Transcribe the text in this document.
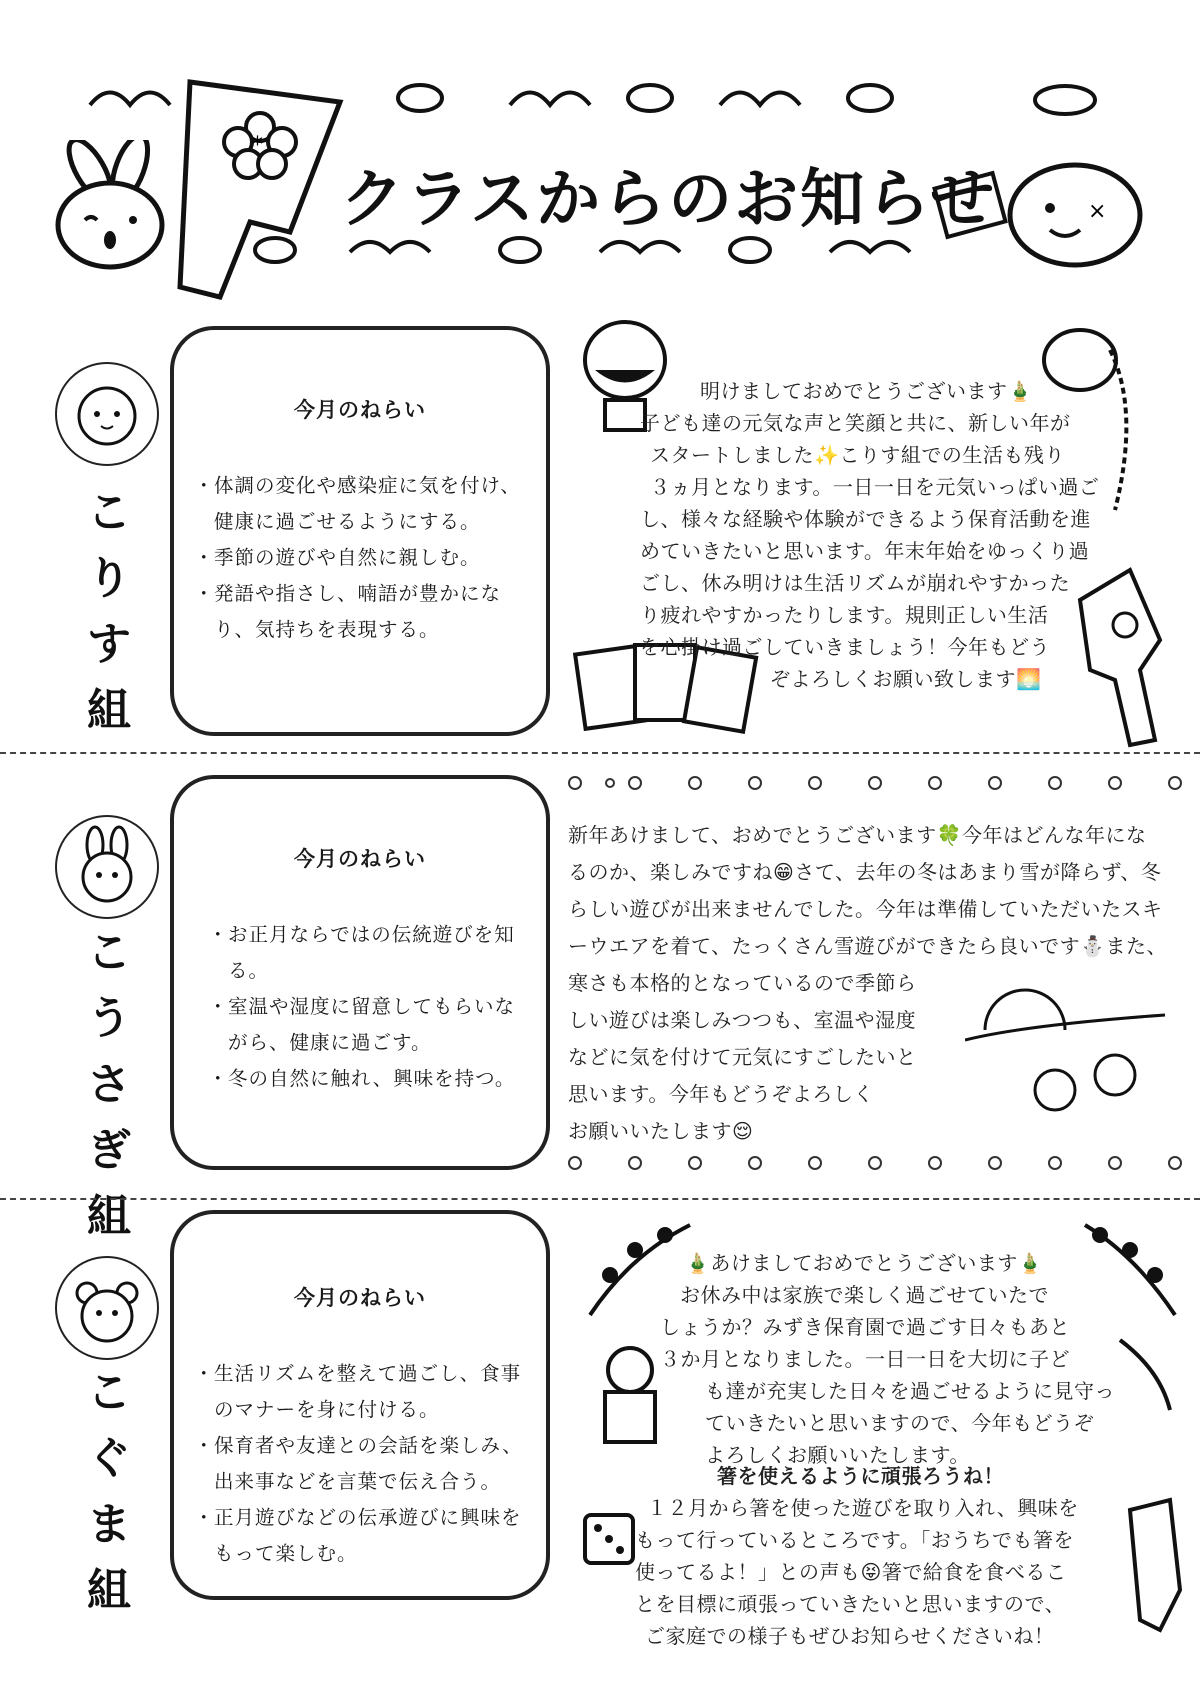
*
×
クラスからのお知らせ
こりす組
今月のねらい
・ 体調の変化や感染症に気を付け、健康に過ごせるようにする。
・ 季節の遊びや自然に親しむ。
・ 発語や指さし、喃語が豊かになり、気持ちを表現する。

明けましておめでとうございます🎍

子ども達の元気な声と笑顔と共に、新しい年が

スタートしました✨こりす組での生活も残り

３ヵ月となります。一日一日を元気いっぱい過ご

し、様々な経験や体験ができるよう保育活動を進

めていきたいと思います。年末年始をゆっくり過

ごし、休み明けは生活リズムが崩れやすかった

り疲れやすかったりします。規則正しい生活

を心掛け過ごしていきましょう！今年もどう

ぞよろしくお願い致します🌅

こうさぎ組
今月のねらい
・ お正月ならではの伝統遊びを知る。
・ 室温や湿度に留意してもらいながら、健康に過ごす。
・ 冬の自然に触れ、興味を持つ。

新年あけまして、おめでとうございます🍀今年はどんな年にな

るのか、楽しみですね😁さて、去年の冬はあまり雪が降らず、冬

らしい遊びが出来ませんでした。今年は準備していただいたスキ

ーウエアを着て、たっくさん雪遊びができたら良いです⛄また、

寒さも本格的となっているので季節ら

しい遊びは楽しみつつも、室温や湿度

などに気を付けて元気にすごしたいと

思います。今年もどうぞよろしく

お願いいたします😌

こぐま組
今月のねらい
・ 生活リズムを整えて過ごし、食事のマナーを身に付ける。
・ 保育者や友達との会話を楽しみ、出来事などを言葉で伝え合う。
・ 正月遊びなどの伝承遊びに興味をもって楽しむ。

🎍あけましておめでとうございます🎍

お休み中は家族で楽しく過ごせていたで

しょうか？みずき保育園で過ごす日々もあと

３か月となりました。一日一日を大切に子ど

も達が充実した日々を過ごせるように見守っ

ていきたいと思いますので、今年もどうぞ

よろしくお願いいたします。

箸を使えるように頑張ろうね！

１２月から箸を使った遊びを取り入れ、興味を

もって行っているところです。「おうちでも箸を

使ってるよ！」との声も😝箸で給食を食べるこ

とを目標に頑張っていきたいと思いますので、

ご家庭での様子もぜひお知らせくださいね！
